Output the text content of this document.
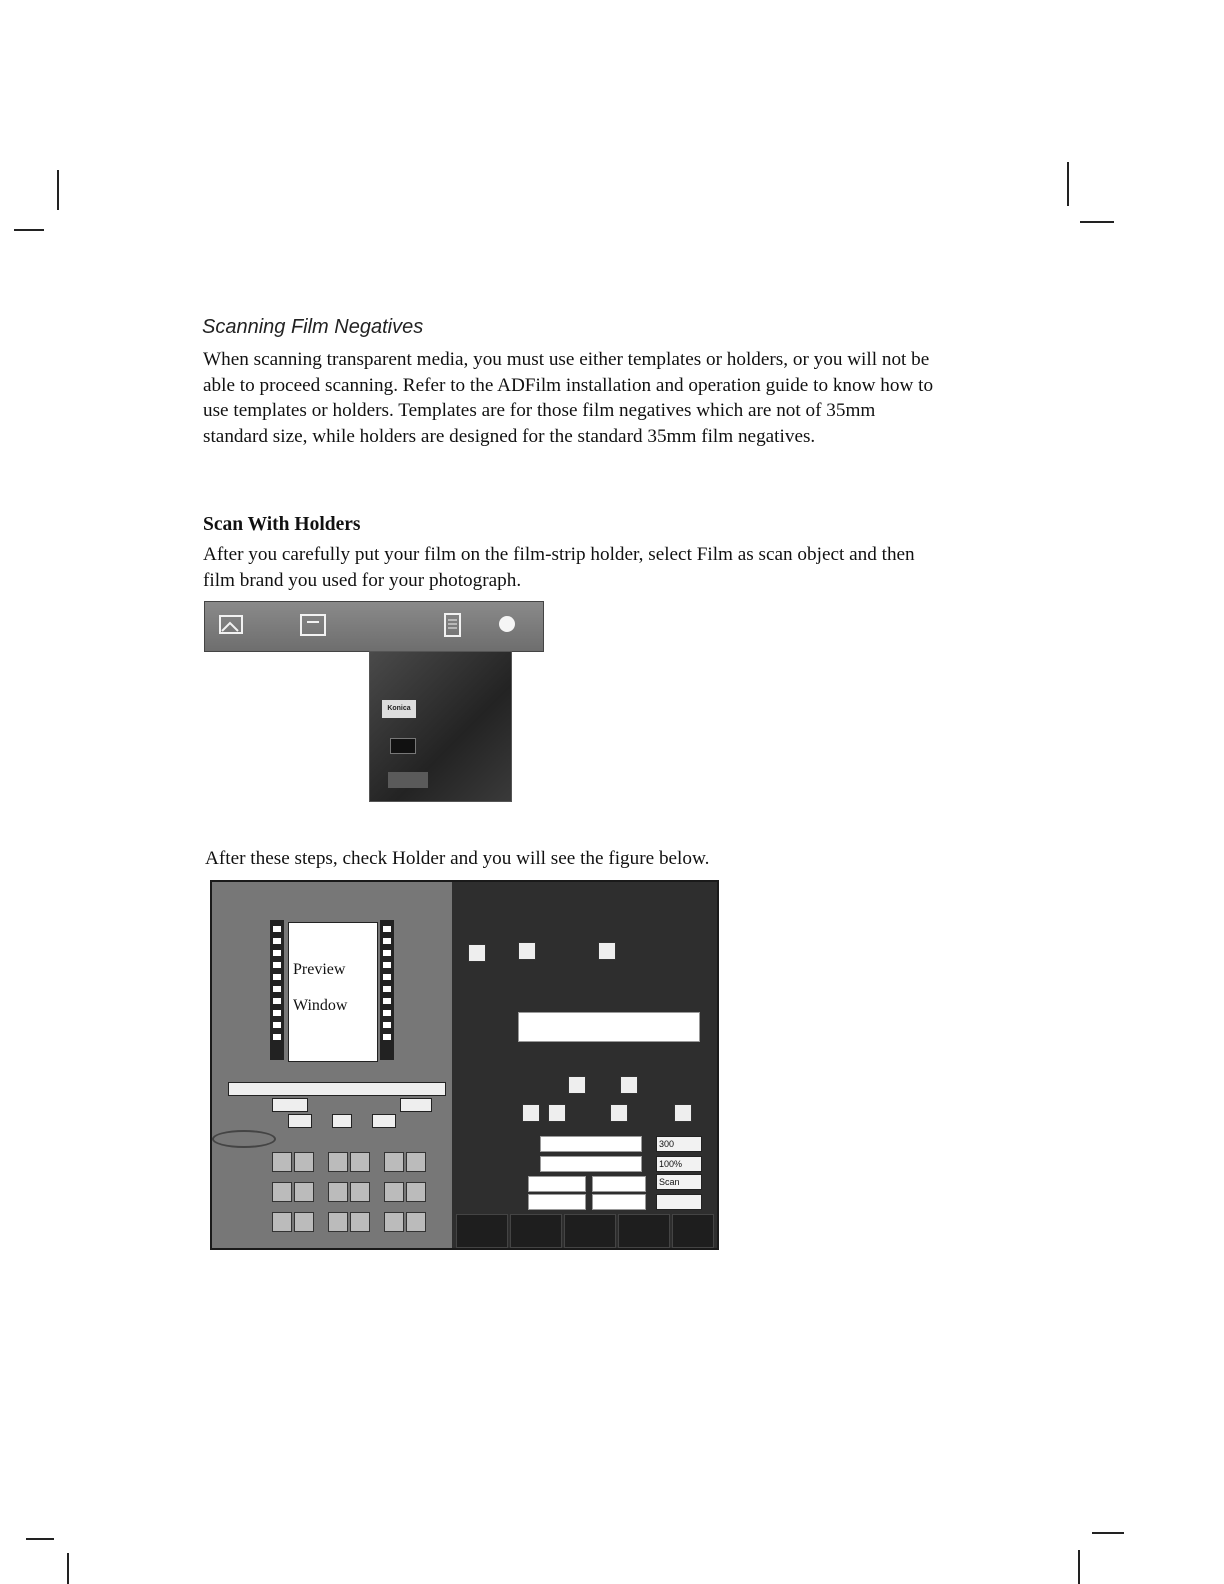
Scanning Film Negatives

When scanning transparent media, you must use either templates or holders, or you will not be able to proceed scanning. Refer to the ADFilm installation and operation guide to know how to use templates or holders. Templates are for those film negatives which are not of 35mm standard size, while holders are designed for the standard 35mm film negatives.

Scan With Holders

After you carefully put your film on the film-strip holder, select Film as scan object and then film brand you used for your photograph.

Konica

After these steps, check Holder and you will see the figure below.

Preview
Window
300
100%
Scan
